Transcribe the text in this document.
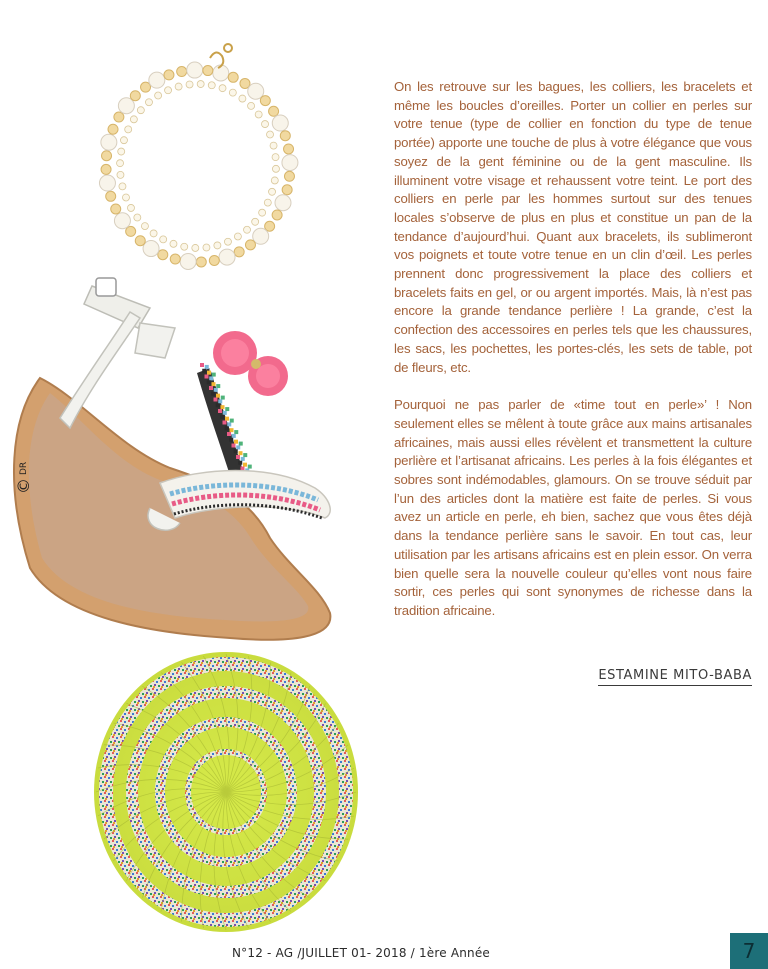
On les retrouve sur les bagues, les colliers, les bracelets et même les boucles d’oreilles. Porter un collier en perles sur votre tenue (type de collier en fonction du type de tenue portée) apporte une touche de plus à votre élégance que vous soyez de la gent féminine ou de la gent masculine. Ils illuminent votre visage et rehaussent votre teint. Le port des colliers en perle par les hommes surtout sur des tenues locales s’observe de plus en plus et constitue un pan de la tendance d’aujourd’hui. Quant aux bracelets, ils sublimeront vos poignets et toute votre tenue en un clin d’œil. Les perles prennent donc progressivement la place des colliers et bracelets faits en gel, or ou argent importés. Mais, là n’est pas encore la grande tendance perlière ! La grande, c’est la confection des accessoires en perles tels que les chaussures, les sacs, les pochettes, les portes-clés, les sets de table, pot de fleurs, etc.

Pourquoi ne pas parler de «time tout en perle»’ ! Non seulement elles se mêlent à toute grâce aux mains artisanales africaines, mais aussi elles révèlent et transmettent la culture perlière et l’artisanat africains. Les perles à la fois élégantes et sobres sont indémodables, glamours. On se trouve séduit par l’un des articles dont la matière est faite de perles. Si vous avez un article en perle, eh bien, sachez que vous êtes déjà dans la tendance perlière sans le savoir. En tout cas, leur utilisation par les artisans africains est en plein essor. On verra bien quelle sera la nouvelle couleur qu’elles vont nous faire sortir, ces perles qui sont synonymes de richesse dans la tradition africaine.

ESTAMINE MITO-BABA
©
DR
N°12 - AG /JUILLET 01- 2018 / 1ère Année	7
